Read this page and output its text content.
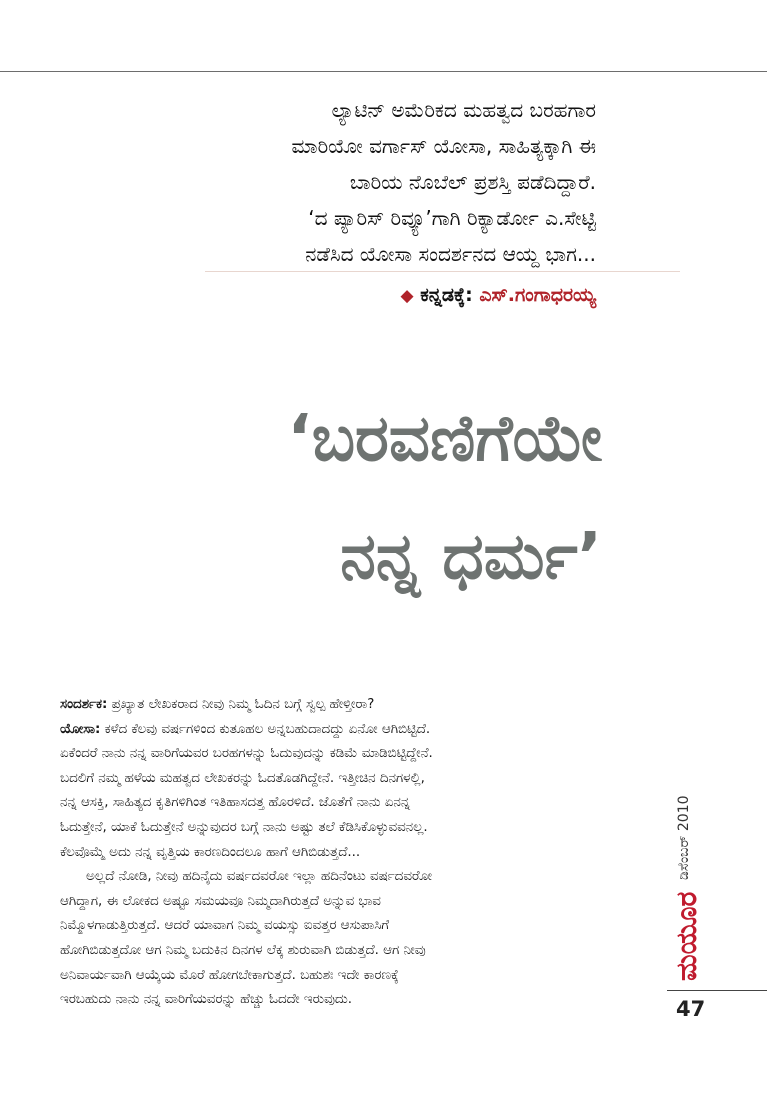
ಲ್ಯಾಟಿನ್ ಅಮೆರಿಕದ ಮಹತ್ವದ ಬರಹಗಾರ
ಮಾರಿಯೋ ವರ್ಗಾಸ್ ಯೋಸಾ, ಸಾಹಿತ್ಯಕ್ಕಾಗಿ ಈ
ಬಾರಿಯ ನೊಬೆಲ್ ಪ್ರಶಸ್ತಿ ಪಡೆದಿದ್ದಾರೆ.
‘ದ ಪ್ಯಾರಿಸ್ ರಿವ್ಯೂ’ಗಾಗಿ ರಿಕ್ಯಾರ್ಡೋ ಎ.ಸೇಟ್ಟಿ
ನಡೆಸಿದ ಯೋಸಾ ಸಂದರ್ಶನದ ಆಯ್ದ ಭಾಗ...
◆ ಕನ್ನಡಕ್ಕೆ: ಎಸ್.ಗಂಗಾಧರಯ್ಯ
‘ಬರವಣಿಗೆಯೇ
ನನ್ನ ಧರ್ಮ’
ಸಂದರ್ಶಕ: ಪ್ರಖ್ಯಾತ ಲೇಖಕರಾದ ನೀವು ನಿಮ್ಮ ಓದಿನ ಬಗ್ಗೆ ಸ್ವಲ್ಪ ಹೇಳ್ತೀರಾ?
ಯೋಸಾ: ಕಳೆದ ಕೆಲವು ವರ್ಷಗಳಿಂದ ಕುತೂಹಲ ಅನ್ನಬಹುದಾದದ್ದು ಏನೋ ಆಗಿಬಿಟ್ಟಿದೆ.
ಏಕೆಂದರೆ ನಾನು ನನ್ನ ವಾರಿಗೆಯವರ ಬರಹಗಳನ್ನು ಓದುವುದನ್ನು ಕಡಿಮೆ ಮಾಡಿಬಿಟ್ಟಿದ್ದೇನೆ.
ಬದಲಿಗೆ ನಮ್ಮ ಹಳೆಯ ಮಹತ್ವದ ಲೇಖಕರನ್ನು ಓದತೊಡಗಿದ್ದೇನೆ. ಇತ್ತೀಚಿನ ದಿನಗಳಲ್ಲಿ,
ನನ್ನ ಆಸಕ್ತಿ, ಸಾಹಿತ್ಯದ ಕೃತಿಗಳಿಗಿಂತ ಇತಿಹಾಸದತ್ತ ಹೊರಳಿದೆ. ಜೊತೆಗೆ ನಾನು ಏನನ್ನ
ಓದುತ್ತೇನೆ, ಯಾಕೆ ಓದುತ್ತೇನೆ ಅನ್ನುವುದರ ಬಗ್ಗೆ ನಾನು ಅಷ್ಟು ತಲೆ ಕೆಡಿಸಿಕೊಳ್ಳುವವನಲ್ಲ.
ಕೆಲವೊಮ್ಮೆ ಅದು ನನ್ನ ವೃತ್ತಿಯ ಕಾರಣದಿಂದಲೂ ಹಾಗೆ ಆಗಿಬಿಡುತ್ತದೆ...
ಅಲ್ಲದೆ ನೋಡಿ, ನೀವು ಹದಿನೈದು ವರ್ಷದವರೋ ಇಲ್ಲಾ ಹದಿನೆಂಟು ವರ್ಷದವರೋ
ಆಗಿದ್ದಾಗ, ಈ ಲೋಕದ ಅಷ್ಟೂ ಸಮಯವೂ ನಿಮ್ಮದಾಗಿರುತ್ತದೆ ಅನ್ನುವ ಭಾವ
ನಿಮ್ಮೊಳಗಾಡುತ್ತಿರುತ್ತದೆ. ಆದರೆ ಯಾವಾಗ ನಿಮ್ಮ ವಯಸ್ಸು ಐವತ್ತರ ಆಸುಪಾಸಿಗೆ
ಹೋಗಿಬಿಡುತ್ತದೋ ಆಗ ನಿಮ್ಮ ಬದುಕಿನ ದಿನಗಳ ಲೆಕ್ಕ ಶುರುವಾಗಿ ಬಿಡುತ್ತದೆ. ಆಗ ನೀವು
ಅನಿವಾರ್ಯವಾಗಿ ಆಯ್ಕೆಯ ಮೊರೆ ಹೋಗಬೇಕಾಗುತ್ತದೆ. ಬಹುಶಃ ಇದೇ ಕಾರಣಕ್ಕೆ
ಇರಬಹುದು ನಾನು ನನ್ನ ವಾರಿಗೆಯವರನ್ನು ಹೆಚ್ಚು ಓದದೇ ಇರುವುದು.
ಡಿಸೆಂಬರ್ 2010
ಮಯೂರ
47
